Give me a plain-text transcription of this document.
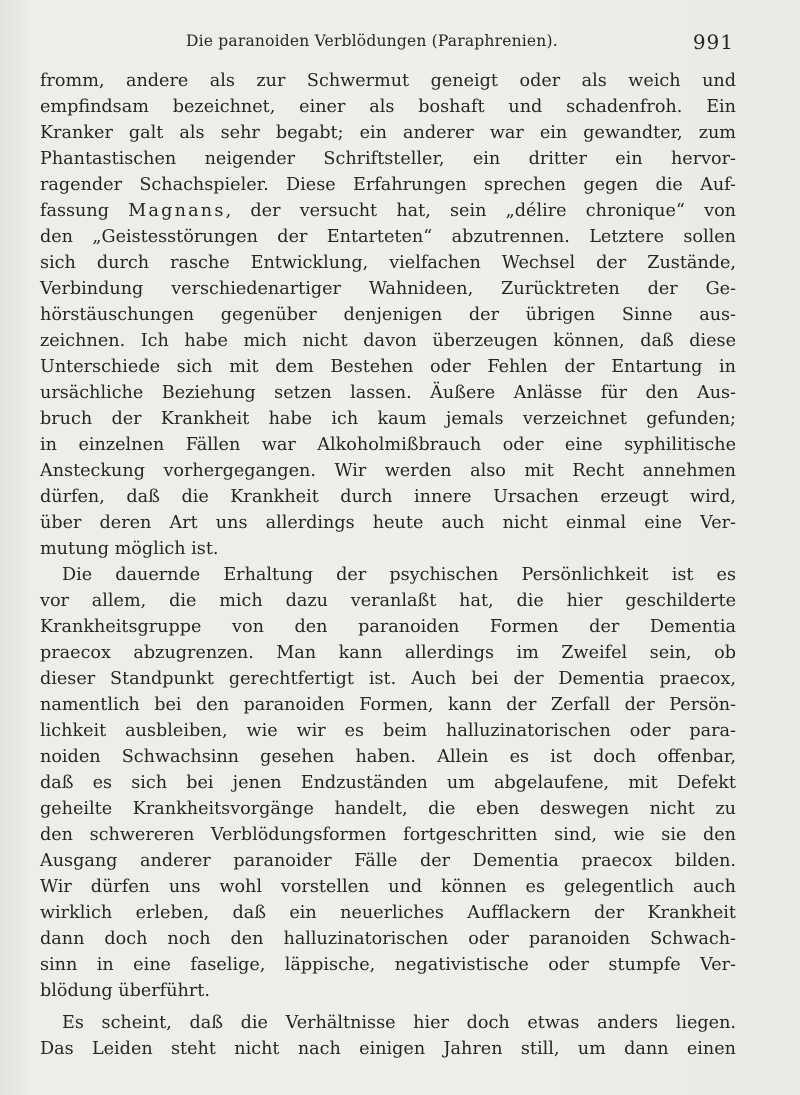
Die paranoiden Verblödungen (Paraphrenien).	991
fromm, andere als zur Schwermut geneigt oder als weich und
empfindsam bezeichnet, einer als boshaft und schadenfroh. Ein
Kranker galt als sehr begabt; ein anderer war ein gewandter, zum
Phantastischen neigender Schriftsteller, ein dritter ein hervor-
ragender Schachspieler. Diese Erfahrungen sprechen gegen die Auf-
fassung Magnans, der versucht hat, sein „délire chronique“ von
den „Geistesstörungen der Entarteten“ abzutrennen. Letztere sollen
sich durch rasche Entwicklung, vielfachen Wechsel der Zustände,
Verbindung verschiedenartiger Wahnideen, Zurücktreten der Ge-
hörstäuschungen gegenüber denjenigen der übrigen Sinne aus-
zeichnen. Ich habe mich nicht davon überzeugen können, daß diese
Unterschiede sich mit dem Bestehen oder Fehlen der Entartung in
ursächliche Beziehung setzen lassen. Äußere Anlässe für den Aus-
bruch der Krankheit habe ich kaum jemals verzeichnet gefunden;
in einzelnen Fällen war Alkoholmißbrauch oder eine syphilitische
Ansteckung vorhergegangen. Wir werden also mit Recht annehmen
dürfen, daß die Krankheit durch innere Ursachen erzeugt wird,
über deren Art uns allerdings heute auch nicht einmal eine Ver-
mutung möglich ist.
Die dauernde Erhaltung der psychischen Persönlichkeit ist es
vor allem, die mich dazu veranlaßt hat, die hier geschilderte
Krankheitsgruppe von den paranoiden Formen der Dementia
praecox abzugrenzen. Man kann allerdings im Zweifel sein, ob
dieser Standpunkt gerechtfertigt ist. Auch bei der Dementia praecox,
namentlich bei den paranoiden Formen, kann der Zerfall der Persön-
lichkeit ausbleiben, wie wir es beim halluzinatorischen oder para-
noiden Schwachsinn gesehen haben. Allein es ist doch offenbar,
daß es sich bei jenen Endzuständen um abgelaufene, mit Defekt
geheilte Krankheitsvorgänge handelt, die eben deswegen nicht zu
den schwereren Verblödungsformen fortgeschritten sind, wie sie den
Ausgang anderer paranoider Fälle der Dementia praecox bilden.
Wir dürfen uns wohl vorstellen und können es gelegentlich auch
wirklich erleben, daß ein neuerliches Aufflackern der Krankheit
dann doch noch den halluzinatorischen oder paranoiden Schwach-
sinn in eine faselige, läppische, negativistische oder stumpfe Ver-
blödung überführt.
Es scheint, daß die Verhältnisse hier doch etwas anders liegen.
Das Leiden steht nicht nach einigen Jahren still, um dann einen
